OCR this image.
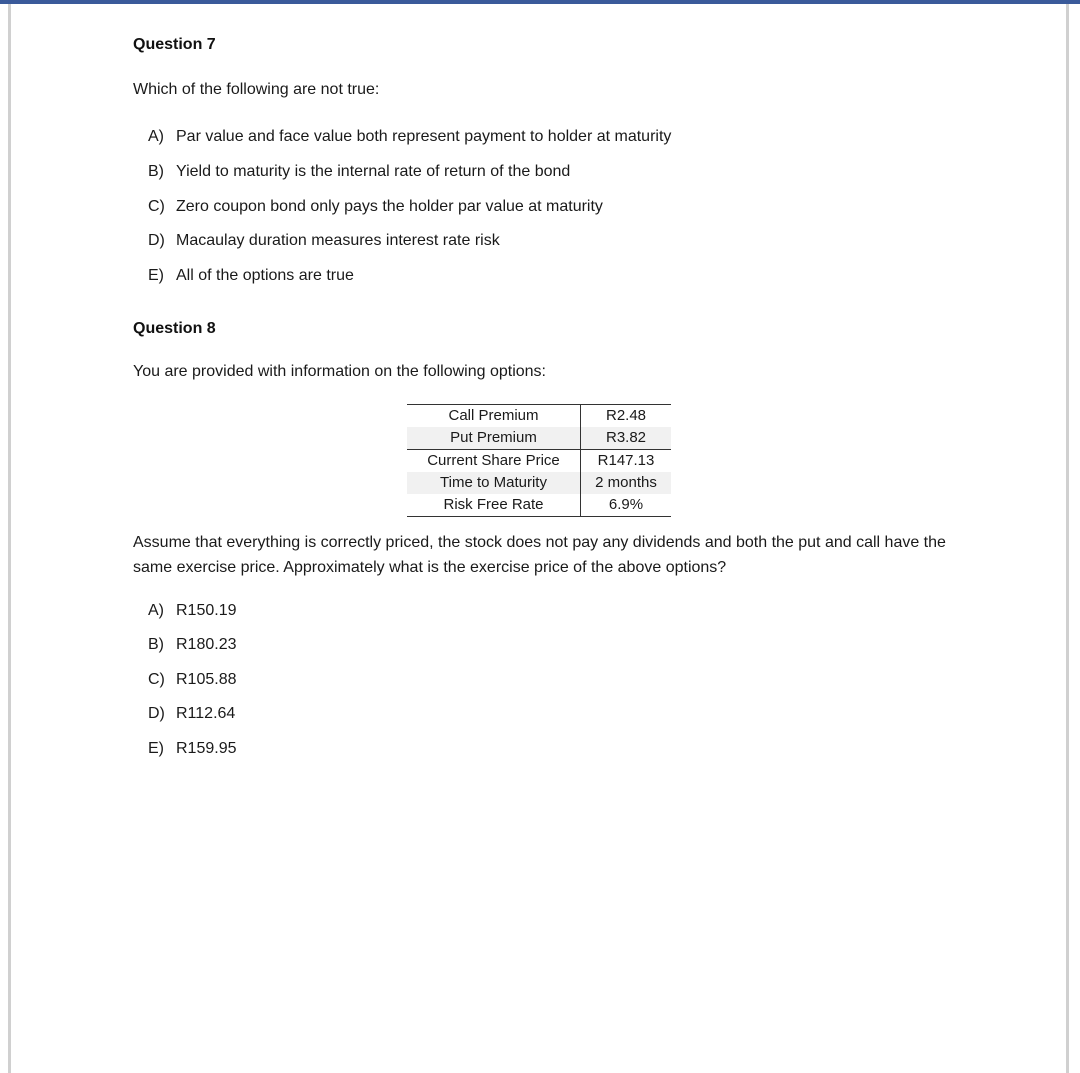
Question 7
Which of the following are not true:
A) Par value and face value both represent payment to holder at maturity
B) Yield to maturity is the internal rate of return of the bond
C) Zero coupon bond only pays the holder par value at maturity
D) Macaulay duration measures interest rate risk
E) All of the options are true
Question 8
You are provided with information on the following options:
Call Premium	R2.48
Put Premium	R3.82
Current Share Price	R147.13
Time to Maturity	2 months
Risk Free Rate	6.9%
Assume that everything is correctly priced, the stock does not pay any dividends and both the put and call have the same exercise price. Approximately what is the exercise price of the above options?
A) R150.19
B) R180.23
C) R105.88
D) R112.64
E) R159.95
